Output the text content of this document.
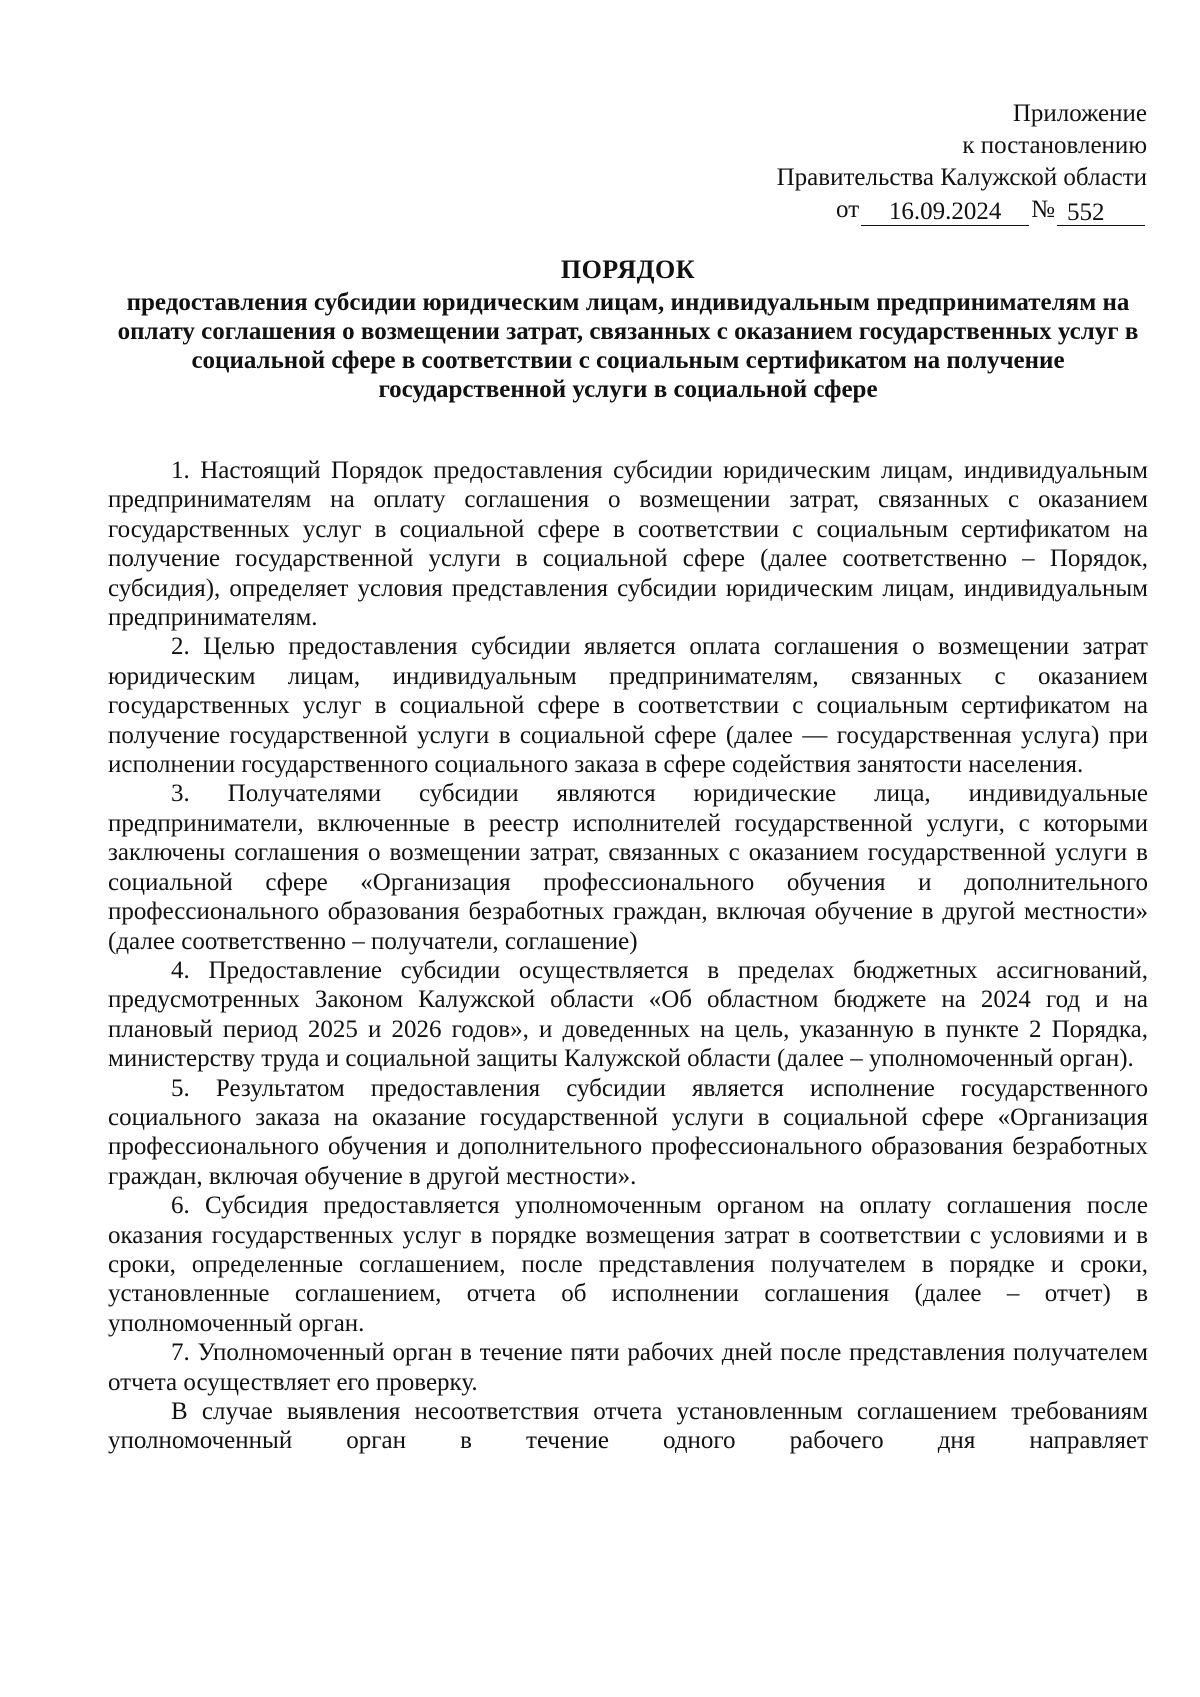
Приложение
к постановлению
Правительства Калужской области
от	16.09.2024	№ 552
ПОРЯДОК
предоставления субсидии юридическим лицам, индивидуальным предпринимателям на оплату соглашения о возмещении затрат, связанных с оказанием государственных услуг в социальной сфере в соответствии с социальным сертификатом на получение государственной услуги в социальной сфере

1. Настоящий Порядок предоставления субсидии юридическим лицам, индивидуальным предпринимателям на оплату соглашения о возмещении затрат, связанных с оказанием государственных услуг в социальной сфере в соответствии с социальным сертификатом на получение государственной услуги в социальной сфере (далее соответственно – Порядок, субсидия), определяет условия представления субсидии юридическим лицам, индивидуальным предпринимателям.

2. Целью предоставления субсидии является оплата соглашения о возмещении затрат юридическим лицам, индивидуальным предпринимателям, связанных с оказанием государственных услуг в социальной сфере в соответствии с социальным сертификатом на получение государственной услуги в социальной сфере (далее — государственная услуга) при исполнении государственного социального заказа в сфере содействия занятости населения.

3. Получателями субсидии являются юридические лица, индивидуальные предприниматели, включенные в реестр исполнителей государственной услуги, с которыми заключены соглашения о возмещении затрат, связанных с оказанием государственной услуги в социальной сфере «Организация профессионального обучения и дополнительного профессионального образования безработных граждан, включая обучение в другой местности» (далее соответственно – получатели, соглашение)

4. Предоставление субсидии осуществляется в пределах бюджетных ассигнований, предусмотренных Законом Калужской области «Об областном бюджете на 2024 год и на плановый период 2025 и 2026 годов», и доведенных на цель, указанную в пункте 2 Порядка, министерству труда и социальной защиты Калужской области (далее – уполномоченный орган).

5. Результатом предоставления субсидии является исполнение государственного социального заказа на оказание государственной услуги в социальной сфере «Организация профессионального обучения и дополнительного профессионального образования безработных граждан, включая обучение в другой местности».

6. Субсидия предоставляется уполномоченным органом на оплату соглашения после оказания государственных услуг в порядке возмещения затрат в соответствии с условиями и в сроки, определенные соглашением, после представления получателем в порядке и сроки, установленные соглашением, отчета об исполнении соглашения (далее – отчет) в уполномоченный орган.

7. Уполномоченный орган в течение пяти рабочих дней после представления получателем отчета осуществляет его проверку.

В случае выявления несоответствия отчета установленным соглашением требованиям уполномоченный орган в течение одного рабочего дня направляет
